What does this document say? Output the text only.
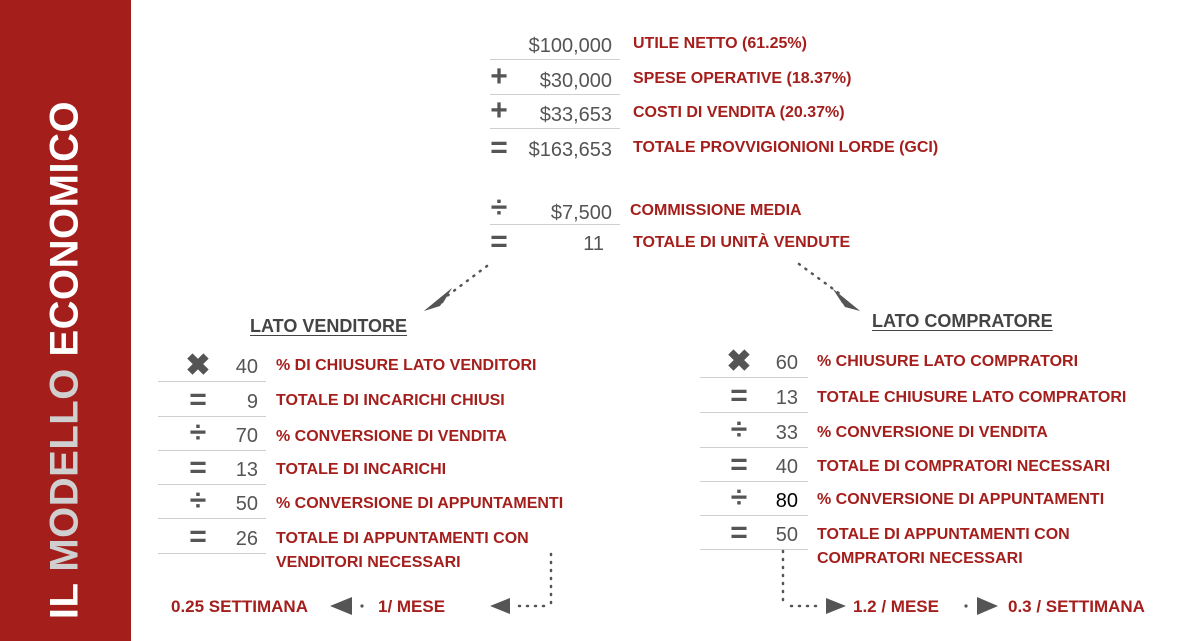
IL MODELLO ECONOMICO
$100,000 UTILE NETTO (61.25%)
+	$30,000 SPESE OPERATIVE (18.37%)
+	$33,653 COSTI DI VENDITA (20.37%)
=	$163,653 TOTALE PROVVIGIONIONI LORDE (GCI)
÷	$7,500 COMMISSIONE MEDIA
=	11 TOTALE DI UNITÀ VENDUTE
LATO VENDITORE
✖	40 % DI CHIUSURE LATO VENDITORI
=	9 TOTALE DI INCARICHI CHIUSI
÷	70 % CONVERSIONE DI VENDITA
=	13 TOTALE DI INCARICHI
÷	50 % CONVERSIONE DI APPUNTAMENTI
=	26 TOTALE DI APPUNTAMENTI CON
VENDITORI NECESSARI
0.25 SETTIMANA	1/ MESE
LATO COMPRATORE
✖	60 % CHIUSURE LATO COMPRATORI
=	13 TOTALE CHIUSURE LATO COMPRATORI
÷	33 % CONVERSIONE DI VENDITA
=	40 TOTALE DI COMPRATORI NECESSARI
÷	80 % CONVERSIONE DI APPUNTAMENTI
=	50 TOTALE DI APPUNTAMENTI CON
COMPRATORI NECESSARI
1.2 / MESE	0.3 / SETTIMANA
